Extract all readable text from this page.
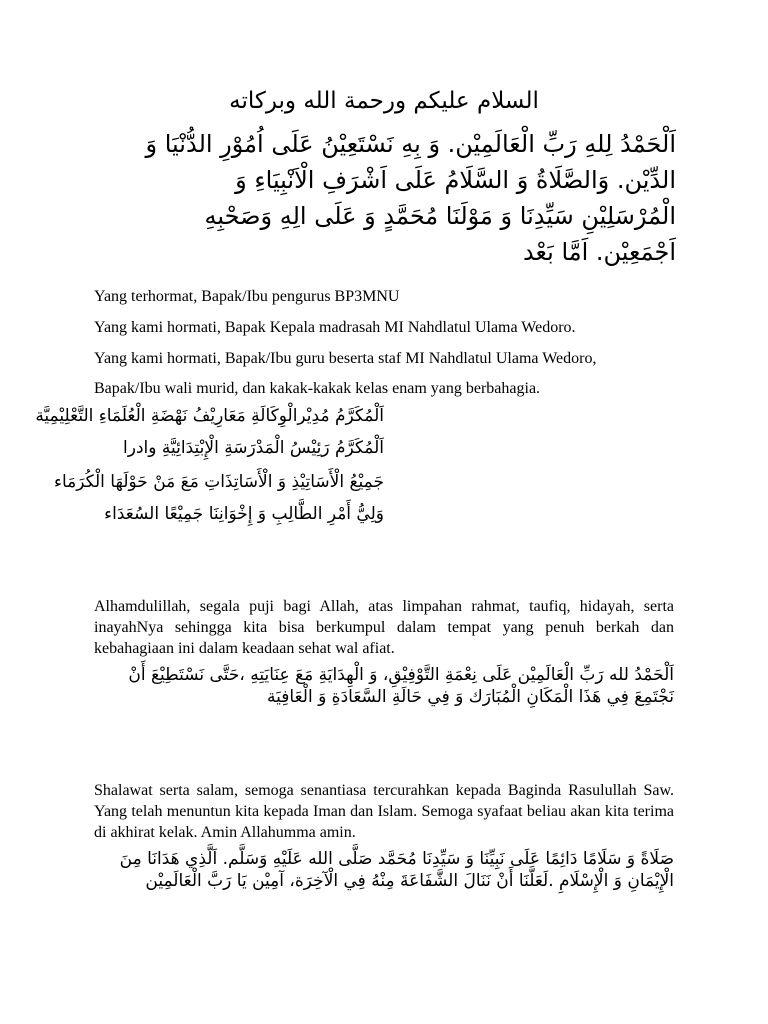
السلام عليكم ورحمة الله وبركاته
اَلْحَمْدُ لِلهِ رَبِّ الْعَالَمِيْن. وَ بِهِ نَسْتَعِيْنُ عَلَى اُمُوْرِ الدُّنْيَا وَ
الدِّيْن. وَالصَّلَاةُ وَ السَّلَامُ عَلَى اَشْرَفِ الْاَنْبِيَاءِ وَ
الْمُرْسَلِيْنِ سَيِّدِنَا وَ مَوْلَنَا مُحَمَّدٍ وَ عَلَى الِهِ وَصَحْبِهِ
اَجْمَعِيْن. اَمَّا بَعْد
Yang terhormat, Bapak/Ibu pengurus BP3MNU
Yang kami hormati, Bapak Kepala madrasah MI Nahdlatul Ulama Wedoro.
Yang kami hormati, Bapak/Ibu guru beserta staf MI Nahdlatul Ulama Wedoro,
Bapak/Ibu wali murid, dan kakak-kakak kelas enam yang berbahagia.
اَلْمُكَرَّمُ مُدِيْرالْوِكَالَةِ مَعَارِيْفُ نَهْضَةِ الْعُلَمَاءِ التَّعْلِيْمِيَّة
اَلْمُكَرَّمُ رَئِيْسُ الْمَدْرَسَةِ الْإِبْتِدَائِيَّةِ وادرا
جَمِيْعُ الْأَسَاتِيْذِ وَ الْأَسَاتِذَاتِ مَعَ مَنْ حَوْلَهَا الْكُرَمَاء
وَلِيُّ أَمْرِ الطَّالِبِ وَ إِخْوَانِنَا جَمِيْعًا السُعَدَاء
Alhamdulillah, segala puji bagi Allah, atas limpahan rahmat, taufiq, hidayah, serta inayahNya sehingga kita bisa berkumpul dalam tempat yang penuh berkah dan kebahagiaan ini dalam keadaan sehat wal afiat.
اَلْحَمْدُ لله رَبِّ الْعَالَمِيْن عَلَى نِعْمَةِ التَّوْفِيْقِ، وَ الْهِدَايَةِ مَعَ عِنَايَتِهِ ،حَتَّى نَسْتَطِيْعَ أَنْ
نَجْتَمِعَ فِي هَذَا الْمَكَانِ الْمُبَارَك وَ فِي حَالَةِ السَّعَادَةِ وَ الْعَافِيَة
Shalawat serta salam, semoga senantiasa tercurahkan kepada Baginda Rasulullah Saw. Yang telah menuntun kita kepada Iman dan Islam. Semoga syafaat beliau akan kita terima di akhirat kelak. Amin Allahumma amin.
صَلَاةً وَ سَلَامًا دَائِمًا عَلَى نَبِيِّنَا وَ سَيِّدِنَا مُحَمَّد صَلَّى الله عَلَيْهِ وَسَلَّم. اَلَّذِي هَدَانَا مِنَ
الْإِيْمَانِ وَ الْإِسْلَامِ .لَعَلَّنَا أَنْ نَنَالَ الشَّفَاعَةَ مِنْهُ فِي الْآخِرَة، آمِيْن يَا رَبَّ الْعَالَمِيْن
